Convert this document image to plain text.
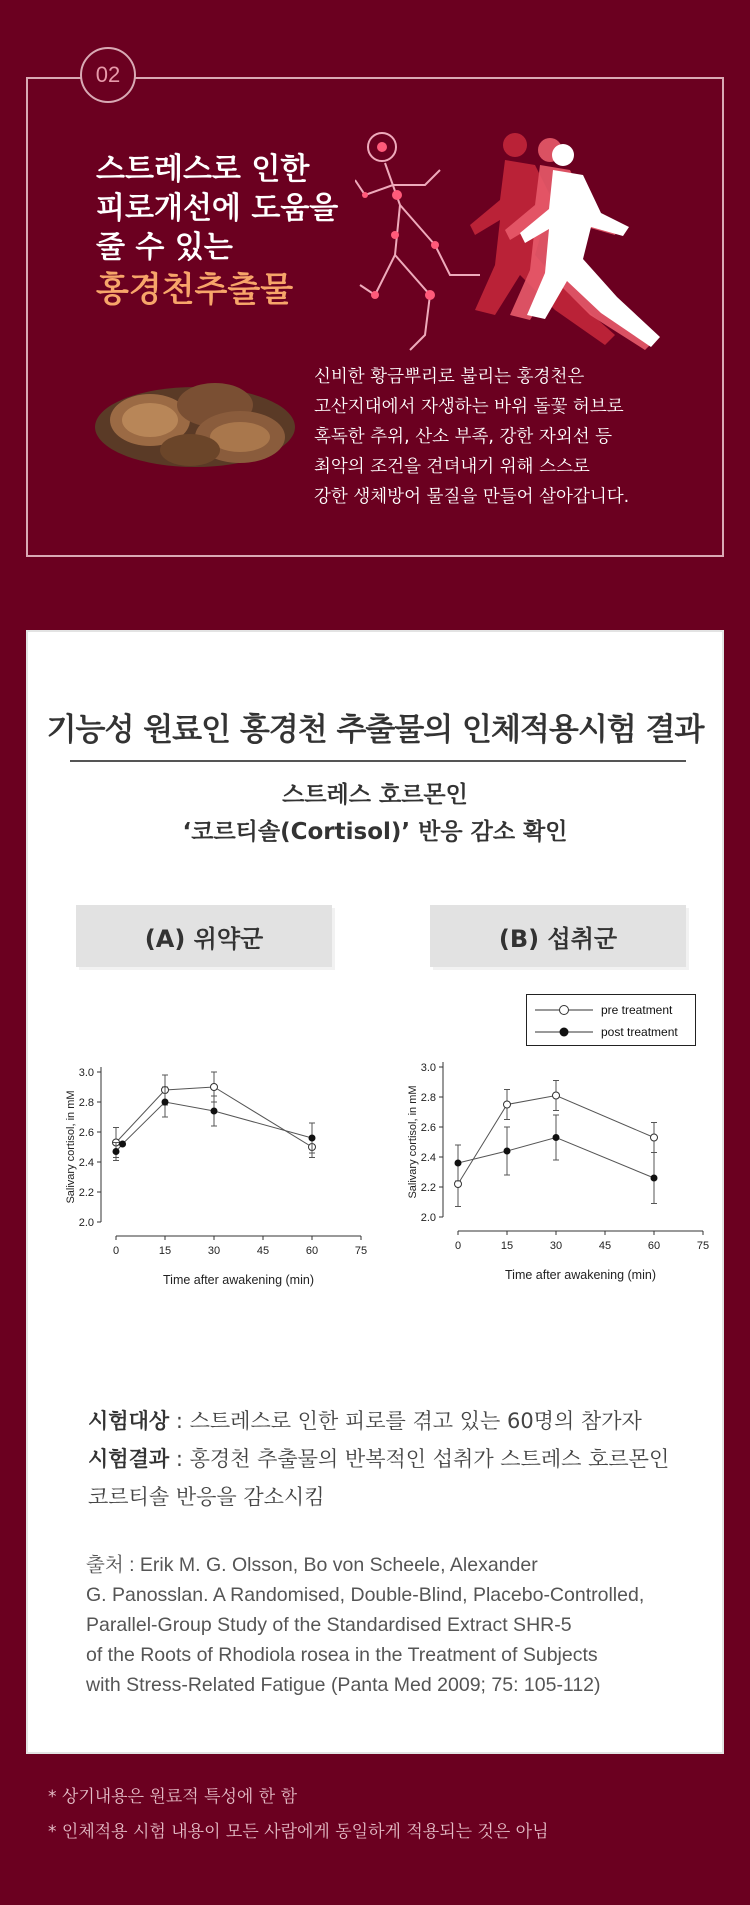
02
스트레스로 인한
피로개선에 도움을
줄 수 있는
홍경천추출물
신비한 황금뿌리로 불리는 홍경천은
고산지대에서 자생하는 바위 돌꽃 허브로
혹독한 추위, 산소 부족, 강한 자외선 등
최악의 조건을 견뎌내기 위해 스스로
강한 생체방어 물질을 만들어 살아갑니다.
기능성 원료인 홍경천 추출물의 인체적용시험 결과
스트레스 호르몬인
‘코르티솔(Cortisol)’ 반응 감소 확인
(A) 위약군	(B) 섭취군
pre treatment
post treatment
2.0
2.2
2.4
2.6
2.8
3.0
0	15	30	45	60	75
Time after awakening (min)
Salivary cortisol, in mM
2.0
2.2
2.4
2.6
2.8
3.0
0	15	30	45	60	75
Time after awakening (min)
Salivary cortisol, in mM
시험대상 : 스트레스로 인한 피로를 겪고 있는 60명의 참가자
시험결과 : 홍경천 추출물의 반복적인 섭취가 스트레스 호르몬인
코르티솔 반응을 감소시킴
출처 : Erik M. G. Olsson, Bo von Scheele, Alexander
G. Panosslan. A Randomised, Double-Blind, Placebo-Controlled,
Parallel-Group Study of the Standardised Extract SHR-5
of the Roots of Rhodiola rosea in the Treatment of Subjects
with Stress-Related Fatigue (Panta Med 2009; 75: 105-112)
* 상기내용은 원료적 특성에 한 함
* 인체적용 시험 내용이 모든 사람에게 동일하게 적용되는 것은 아님
